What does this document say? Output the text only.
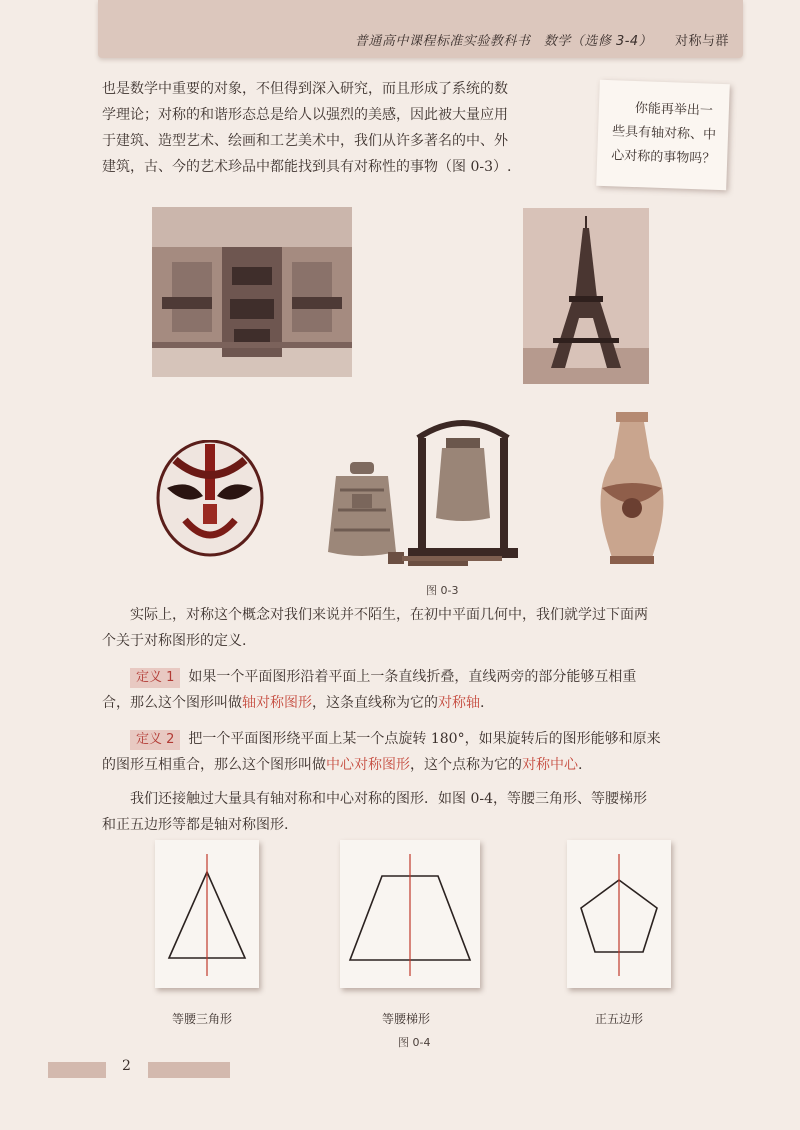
普通高中课程标准实验教科书　数学（选修 3-4） 　 对称与群
也是数学中重要的对象，不但得到深入研究，而且形成了系统的数
学理论；对称的和谐形态总是给人以强烈的美感，因此被大量应用
于建筑、造型艺术、绘画和工艺美术中，我们从许多著名的中、外
建筑，古、今的艺术珍品中都能找到具有对称性的事物（图 0-3）.
你能再举出一
些具有轴对称、中
心对称的事物吗？
图 0-3
实际上，对称这个概念对我们来说并不陌生，在初中平面几何中，我们就学过下面两
个关于对称图形的定义.
定义 1 如果一个平面图形沿着平面上一条直线折叠，直线两旁的部分能够互相重
合，那么这个图形叫做轴对称图形，这条直线称为它的对称轴.
定义 2 把一个平面图形绕平面上某一个点旋转 180°，如果旋转后的图形能够和原来
的图形互相重合，那么这个图形叫做中心对称图形，这个点称为它的对称中心.
我们还接触过大量具有轴对称和中心对称的图形．如图 0-4，等腰三角形、等腰梯形
和正五边形等都是轴对称图形.
等腰三角形	等腰梯形	正五边形
图 0-4
2
